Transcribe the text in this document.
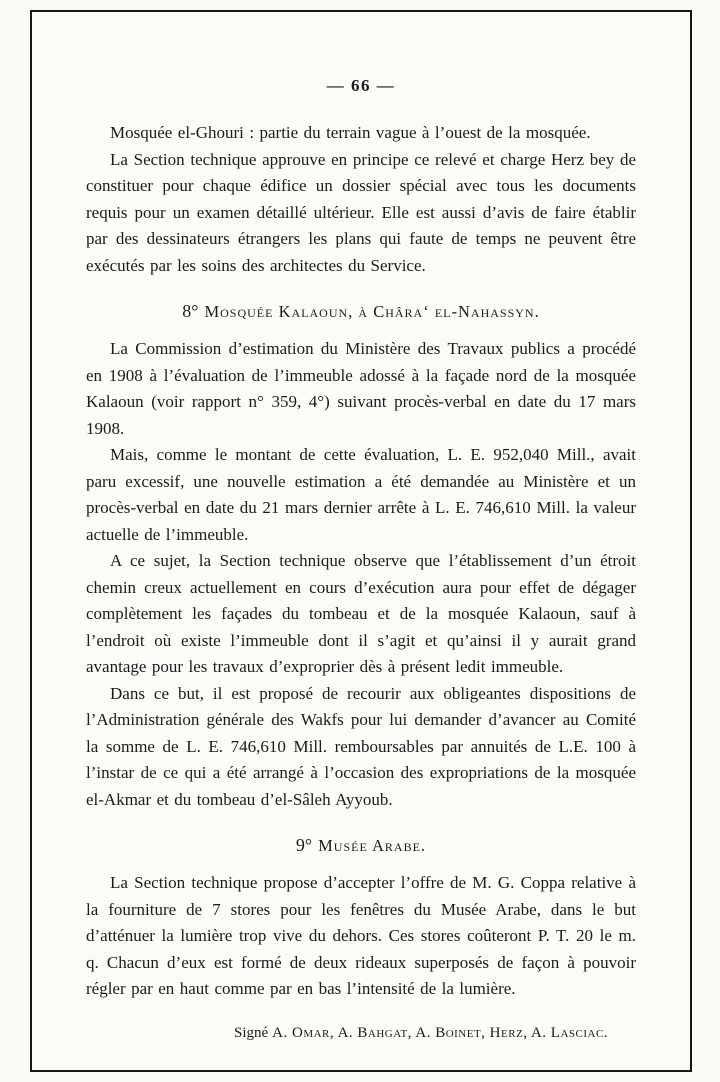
— 66 —

Mosquée el-Ghouri : partie du terrain vague à l’ouest de la mosquée.

La Section technique approuve en principe ce relevé et charge Herz bey de constituer pour chaque édifice un dossier spécial avec tous les documents requis pour un examen détaillé ultérieur. Elle est aussi d’avis de faire établir par des dessinateurs étrangers les plans qui faute de temps ne peuvent être exécutés par les soins des architectes du Service.

8° Mosquée Kalaoun, à Châra‘ el-Nahassyn.

La Commission d’estimation du Ministère des Travaux publics a procédé en 1908 à l’évaluation de l’immeuble adossé à la façade nord de la mosquée Kalaoun (voir rapport n° 359, 4°) suivant procès-verbal en date du 17 mars 1908.

Mais, comme le montant de cette évaluation, L. E. 952,040 Mill., avait paru excessif, une nouvelle estimation a été demandée au Ministère et un procès-verbal en date du 21 mars dernier arrête à L. E. 746,610 Mill. la valeur actuelle de l’immeuble.

A ce sujet, la Section technique observe que l’établissement d’un étroit chemin creux actuellement en cours d’exécution aura pour effet de dégager complètement les façades du tombeau et de la mosquée Kalaoun, sauf à l’endroit où existe l’immeuble dont il s’agit et qu’ainsi il y aurait grand avantage pour les travaux d’exproprier dès à présent ledit immeuble.

Dans ce but, il est proposé de recourir aux obligeantes dispositions de l’Administration générale des Wakfs pour lui demander d’avancer au Comité la somme de L. E. 746,610 Mill. remboursables par annuités de L.E. 100 à l’instar de ce qui a été arrangé à l’occasion des expropriations de la mosquée el-Akmar et du tombeau d’el-Sâleh Ayyoub.

9° Musée Arabe.

La Section technique propose d’accepter l’offre de M. G. Coppa relative à la fourniture de 7 stores pour les fenêtres du Musée Arabe, dans le but d’atténuer la lumière trop vive du dehors. Ces stores coûteront P. T. 20 le m. q. Chacun d’eux est formé de deux rideaux superposés de façon à pouvoir régler par en haut comme par en bas l’intensité de la lumière.

Signé A. Omar, A. Bahgat, A. Boinet, Herz, A. Lasciac.
